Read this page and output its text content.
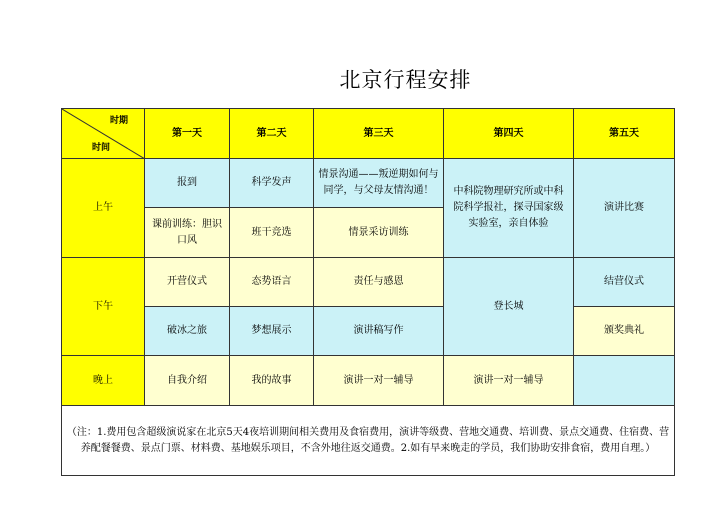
北京行程安排
时期
时间	第一天	第二天	第三天	第四天	第五天
上午	报到	科学发声	情景沟通——叛逆期如何与同学，与父母友情沟通！	中科院物理研究所或中科院科学报社，探寻国家级实验室，亲自体验	演讲比赛
	课前训练：胆识口风	班干竞选	情景采访训练		
下午	开营仪式	态势语言	责任与感恩	登长城	结营仪式
	破冰之旅	梦想展示	演讲稿写作		颁奖典礼
晚上	自我介绍	我的故事	演讲一对一辅导	演讲一对一辅导	
（注：1.费用包含超级演说家在北京5天4夜培训期间相关费用及食宿费用，演讲等级费、营地交通费、培训费、景点交通费、住宿费、营养配餐餐费、景点门票、材料费、基地娱乐项目，不含外地往返交通费。2.如有早来晚走的学员，我们协助安排食宿，费用自理。）					
